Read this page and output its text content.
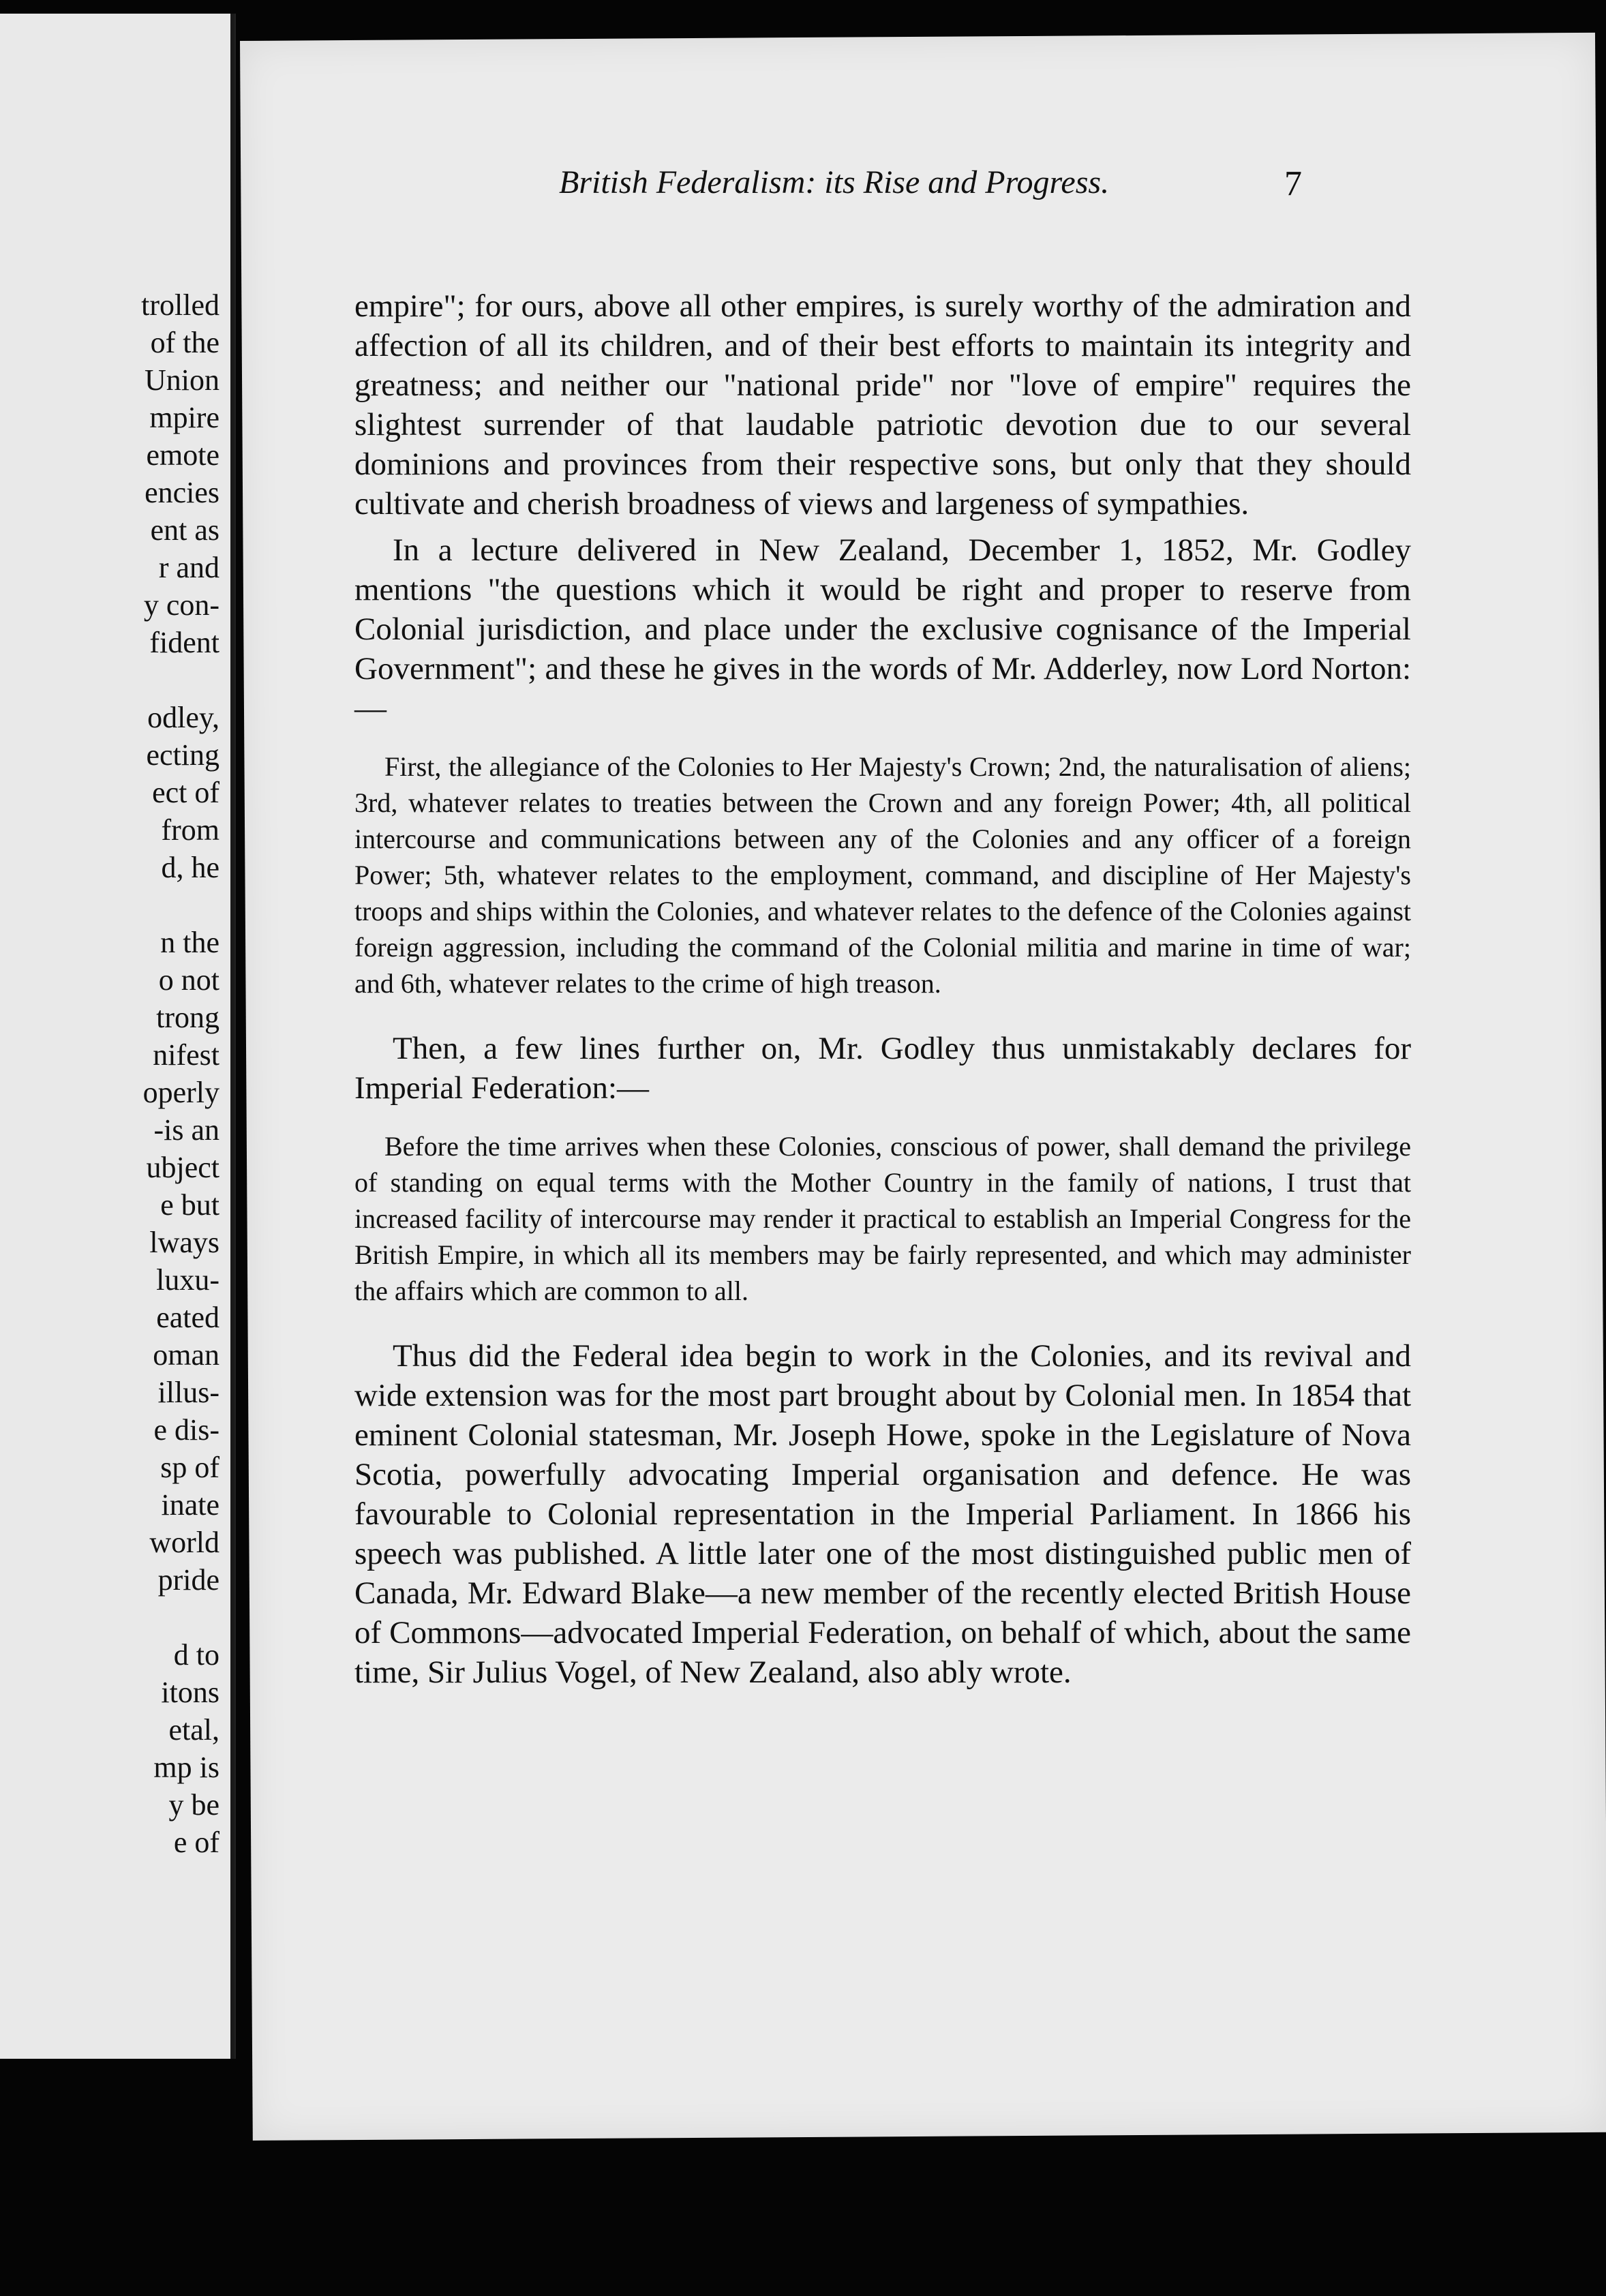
trolled
of the
Union
mpire
emote
encies
ent as
r and
y con-
fident

odley,
ecting
ect of
from
d, he

n the
o not
trong
nifest
operly
-is an
ubject
e but
lways
luxu-
eated
oman
illus-
e dis-
sp of
inate
world
pride

d to
itons
etal,
mp is
y be
e of
British Federalism: its Rise and Progress.	7

empire"; for ours, above all other empires, is surely worthy of the admiration and affection of all its children, and of their best efforts to maintain its integrity and greatness; and neither our "national pride" nor "love of empire" requires the slightest surrender of that laudable patriotic devotion due to our several dominions and provinces from their respective sons, but only that they should cultivate and cherish broadness of views and largeness of sympathies.

In a lecture delivered in New Zealand, December 1, 1852, Mr. Godley mentions "the questions which it would be right and proper to reserve from Colonial jurisdiction, and place under the exclusive cognisance of the Imperial Government"; and these he gives in the words of Mr. Adderley, now Lord Norton:—

First, the allegiance of the Colonies to Her Majesty's Crown; 2nd, the naturalisation of aliens; 3rd, whatever relates to treaties between the Crown and any foreign Power; 4th, all political intercourse and communications between any of the Colonies and any officer of a foreign Power; 5th, whatever relates to the employment, command, and discipline of Her Majesty's troops and ships within the Colonies, and whatever relates to the defence of the Colonies against foreign aggression, including the command of the Colonial militia and marine in time of war; and 6th, whatever relates to the crime of high treason.

Then, a few lines further on, Mr. Godley thus unmistakably declares for Imperial Federation:—

Before the time arrives when these Colonies, conscious of power, shall demand the privilege of standing on equal terms with the Mother Country in the family of nations, I trust that increased facility of intercourse may render it practical to establish an Imperial Congress for the British Empire, in which all its members may be fairly represented, and which may administer the affairs which are common to all.

Thus did the Federal idea begin to work in the Colonies, and its revival and wide extension was for the most part brought about by Colonial men. In 1854 that eminent Colonial statesman, Mr. Joseph Howe, spoke in the Legislature of Nova Scotia, powerfully advocating Imperial organisation and defence. He was favourable to Colonial representation in the Imperial Parliament. In 1866 his speech was published. A little later one of the most distinguished public men of Canada, Mr. Edward Blake—a new member of the recently elected British House of Commons—advocated Imperial Federation, on behalf of which, about the same time, Sir Julius Vogel, of New Zealand, also ably wrote.
